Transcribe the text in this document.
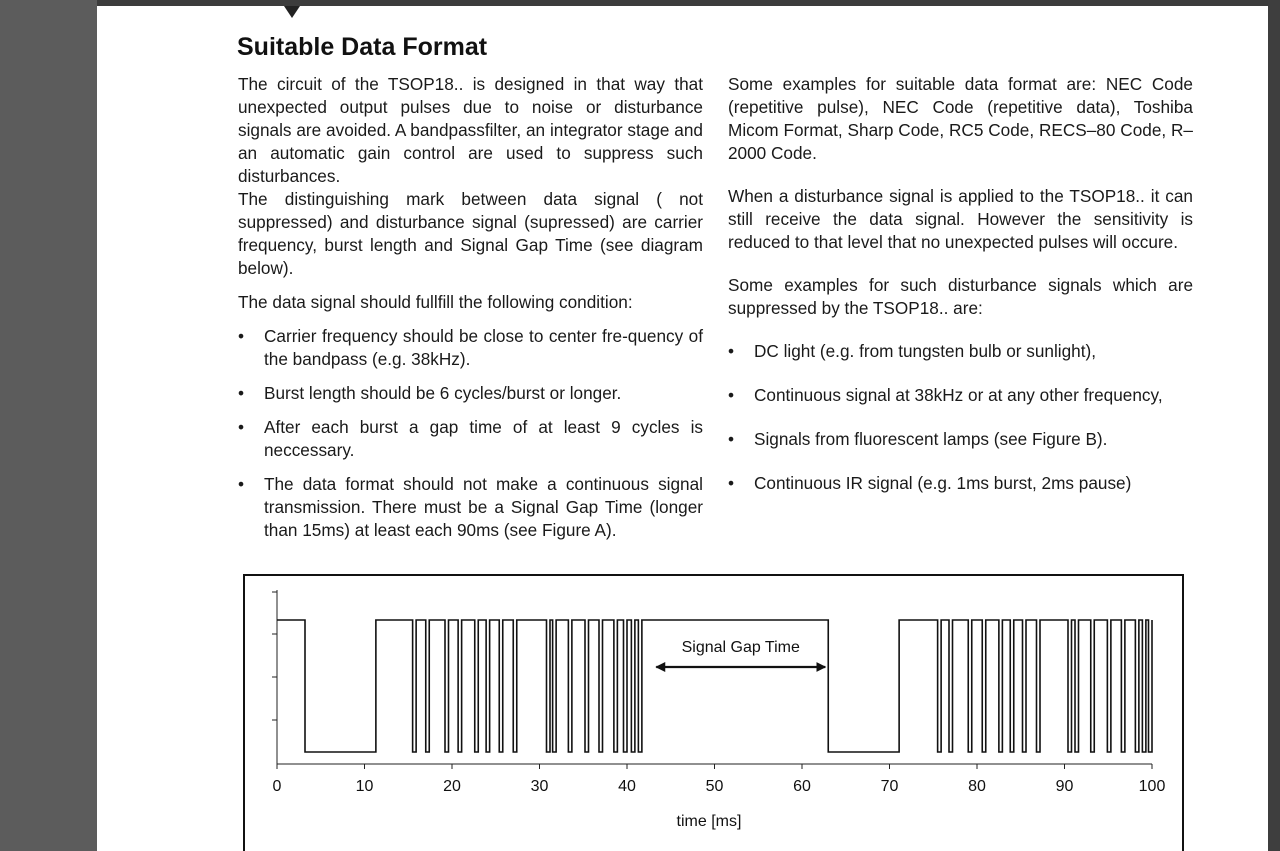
Suitable Data Format

The circuit of the TSOP18.. is designed in that way that unexpected output pulses due to noise or disturbance signals are avoided. A bandpassfilter, an integrator stage and an automatic gain control are used to suppress such disturbances.

The distinguishing mark between data signal ( not suppressed) and disturbance signal (supressed) are carrier frequency, burst length and Signal Gap Time (see diagram below).

The data signal should fullfill the following condition:

•	Carrier frequency should be close to center fre-quency of the bandpass (e.g. 38kHz).
•	Burst length should be 6 cycles/burst or longer.
•	After each burst a gap time of at least 9 cycles is neccessary.
•	The data format should not make a continuous signal transmission. There must be a Signal Gap Time (longer than 15ms) at least each 90ms (see Figure A).

Some examples for suitable data format are: NEC Code (repetitive pulse), NEC Code (repetitive data), Toshiba Micom Format, Sharp Code, RC5 Code, RECS–80 Code, R–2000 Code.

When a disturbance signal is applied to the TSOP18.. it can still receive the data signal. However the sensitivity is reduced to that level that no unexpected pulses will occure.

Some examples for such disturbance signals which are suppressed by the TSOP18.. are:

•	DC light (e.g. from tungsten bulb or sunlight),
•	Continuous signal at 38kHz or at any other frequency,
•	Signals from fluorescent lamps (see Figure B).
•	Continuous IR signal (e.g. 1ms burst, 2ms pause)
0	10	20	30	40	50	60	70	80	90	100
Signal Gap Time
time [ms]
